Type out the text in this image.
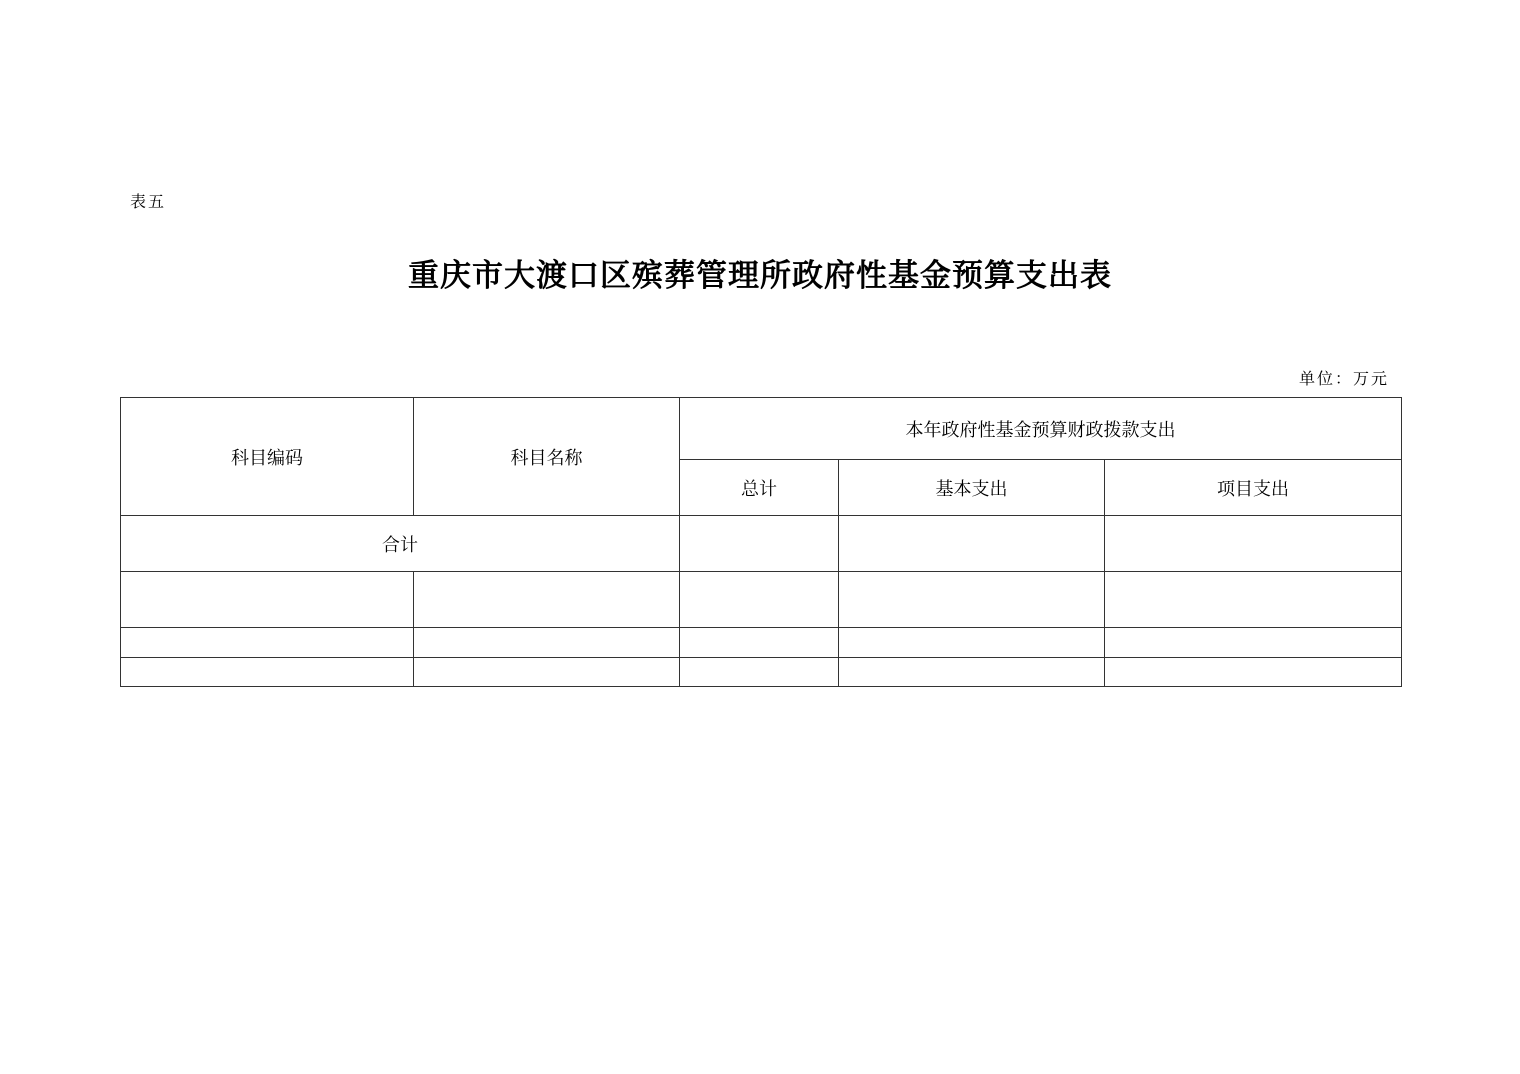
表五
重庆市大渡口区殡葬管理所政府性基金预算支出表
单位：万元
科目编码	科目名称	本年政府性基金预算财政拨款支出		
		总计	基本支出	项目支出
合计				
